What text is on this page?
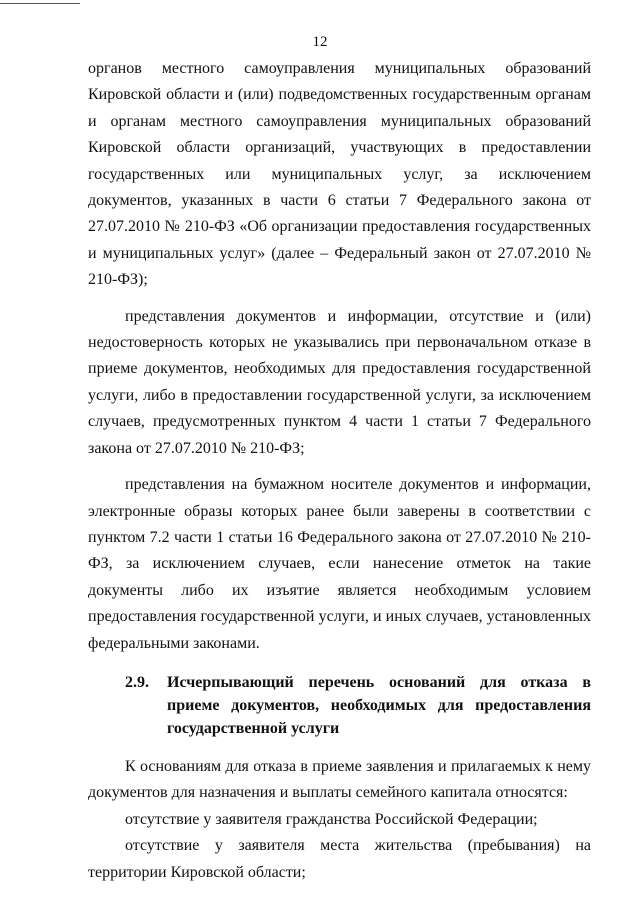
12

органов местного самоуправления муниципальных образований Кировской области и (или) подведомственных государственным органам и органам местного самоуправления муниципальных образований Кировской области организаций, участвующих в предоставлении государственных или муниципальных услуг, за исключением документов, указанных в части 6 статьи 7 Федерального закона от 27.07.2010 № 210-ФЗ «Об организации предоставления государственных и муниципальных услуг» (далее – Федеральный закон от 27.07.2010 № 210-ФЗ);

представления документов и информации, отсутствие и (или) недостоверность которых не указывались при первоначальном отказе в приеме документов, необходимых для предоставления государственной услуги, либо в предоставлении государственной услуги, за исключением случаев, предусмотренных пунктом 4 части 1 статьи 7 Федерального закона от 27.07.2010 № 210-ФЗ;

представления на бумажном носителе документов и информации, электронные образы которых ранее были заверены в соответствии с пунктом 7.2 части 1 статьи 16 Федерального закона от 27.07.2010 № 210-ФЗ, за исключением случаев, если нанесение отметок на такие документы либо их изъятие является необходимым условием предоставления государственной услуги, и иных случаев, установленных федеральными законами.

2.9.	Исчерпывающий перечень оснований для отказа в приеме документов, необходимых для предоставления государственной услуги

К основаниям для отказа в приеме заявления и прилагаемых к нему документов для назначения и выплаты семейного капитала относятся:

отсутствие у заявителя гражданства Российской Федерации;

отсутствие у заявителя места жительства (пребывания) на территории Кировской области;
